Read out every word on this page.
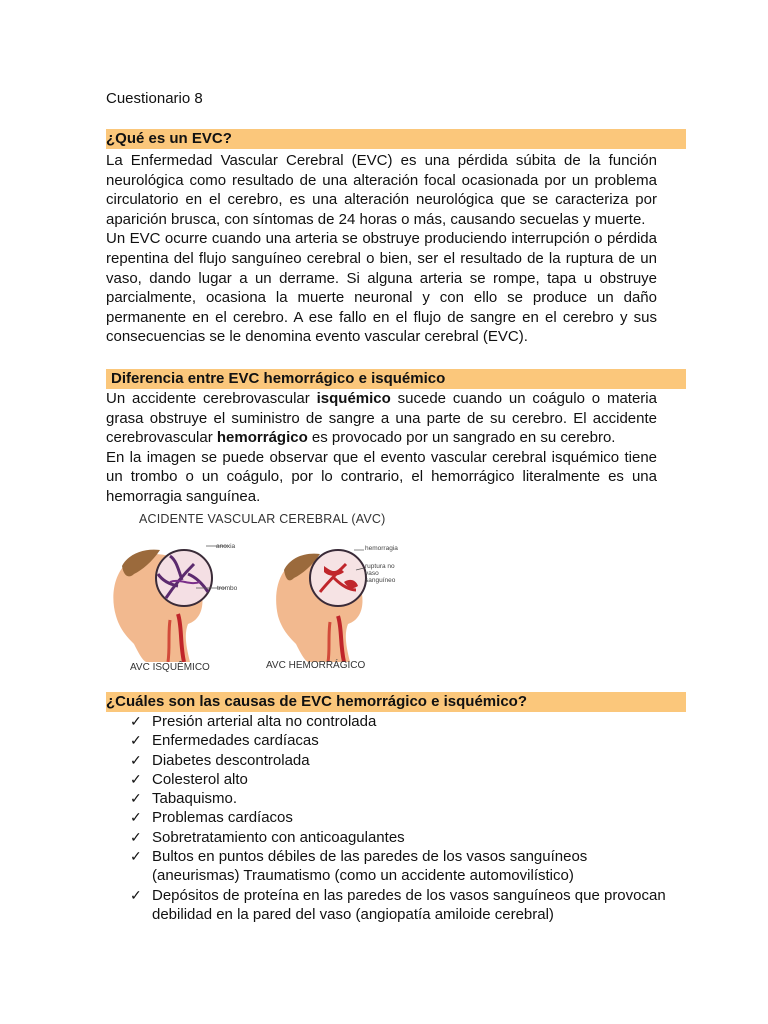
Cuestionario 8
¿Qué es un EVC?

La Enfermedad Vascular Cerebral (EVC) es una pérdida súbita de la función neurológica como resultado de una alteración focal ocasionada por un problema circulatorio en el cerebro, es una alteración neurológica que se caracteriza por aparición brusca, con síntomas de 24 horas o más, causando secuelas y muerte.

Un EVC ocurre cuando una arteria se obstruye produciendo interrupción o pérdida repentina del flujo sanguíneo cerebral o bien, ser el resultado de la ruptura de un vaso, dando lugar a un derrame. Si alguna arteria se rompe, tapa u obstruye parcialmente, ocasiona la muerte neuronal y con ello se produce un daño permanente en el cerebro. A ese fallo en el flujo de sangre en el cerebro y sus consecuencias se le denomina evento vascular cerebral (EVC).

Diferencia entre EVC hemorrágico e isquémico

Un accidente cerebrovascular isquémico sucede cuando un coágulo o materia grasa obstruye el suministro de sangre a una parte de su cerebro. El accidente cerebrovascular hemorrágico es provocado por un sangrado en su cerebro.

En la imagen se puede observar que el evento vascular cerebral isquémico tiene un trombo o un coágulo, por lo contrario, el hemorrágico literalmente es una hemorragia sanguínea.

ACIDENTE VASCULAR CEREBRAL (AVC)
anoxia
trombo
hemorragia
ruptura no vaso sanguíneo
AVC ISQUÊMICO	AVC HEMORRÁGICO
¿Cuáles son las causas de EVC hemorrágico e isquémico?
✓ Presión arterial alta no controlada
✓ Enfermedades cardíacas
✓ Diabetes descontrolada
✓ Colesterol alto
✓ Tabaquismo.
✓ Problemas cardíacos
✓ Sobretratamiento con anticoagulantes
✓ Bultos en puntos débiles de las paredes de los vasos sanguíneos (aneurismas) Traumatismo (como un accidente automovilístico)
✓ Depósitos de proteína en las paredes de los vasos sanguíneos que provocan debilidad en la pared del vaso (angiopatía amiloide cerebral)
